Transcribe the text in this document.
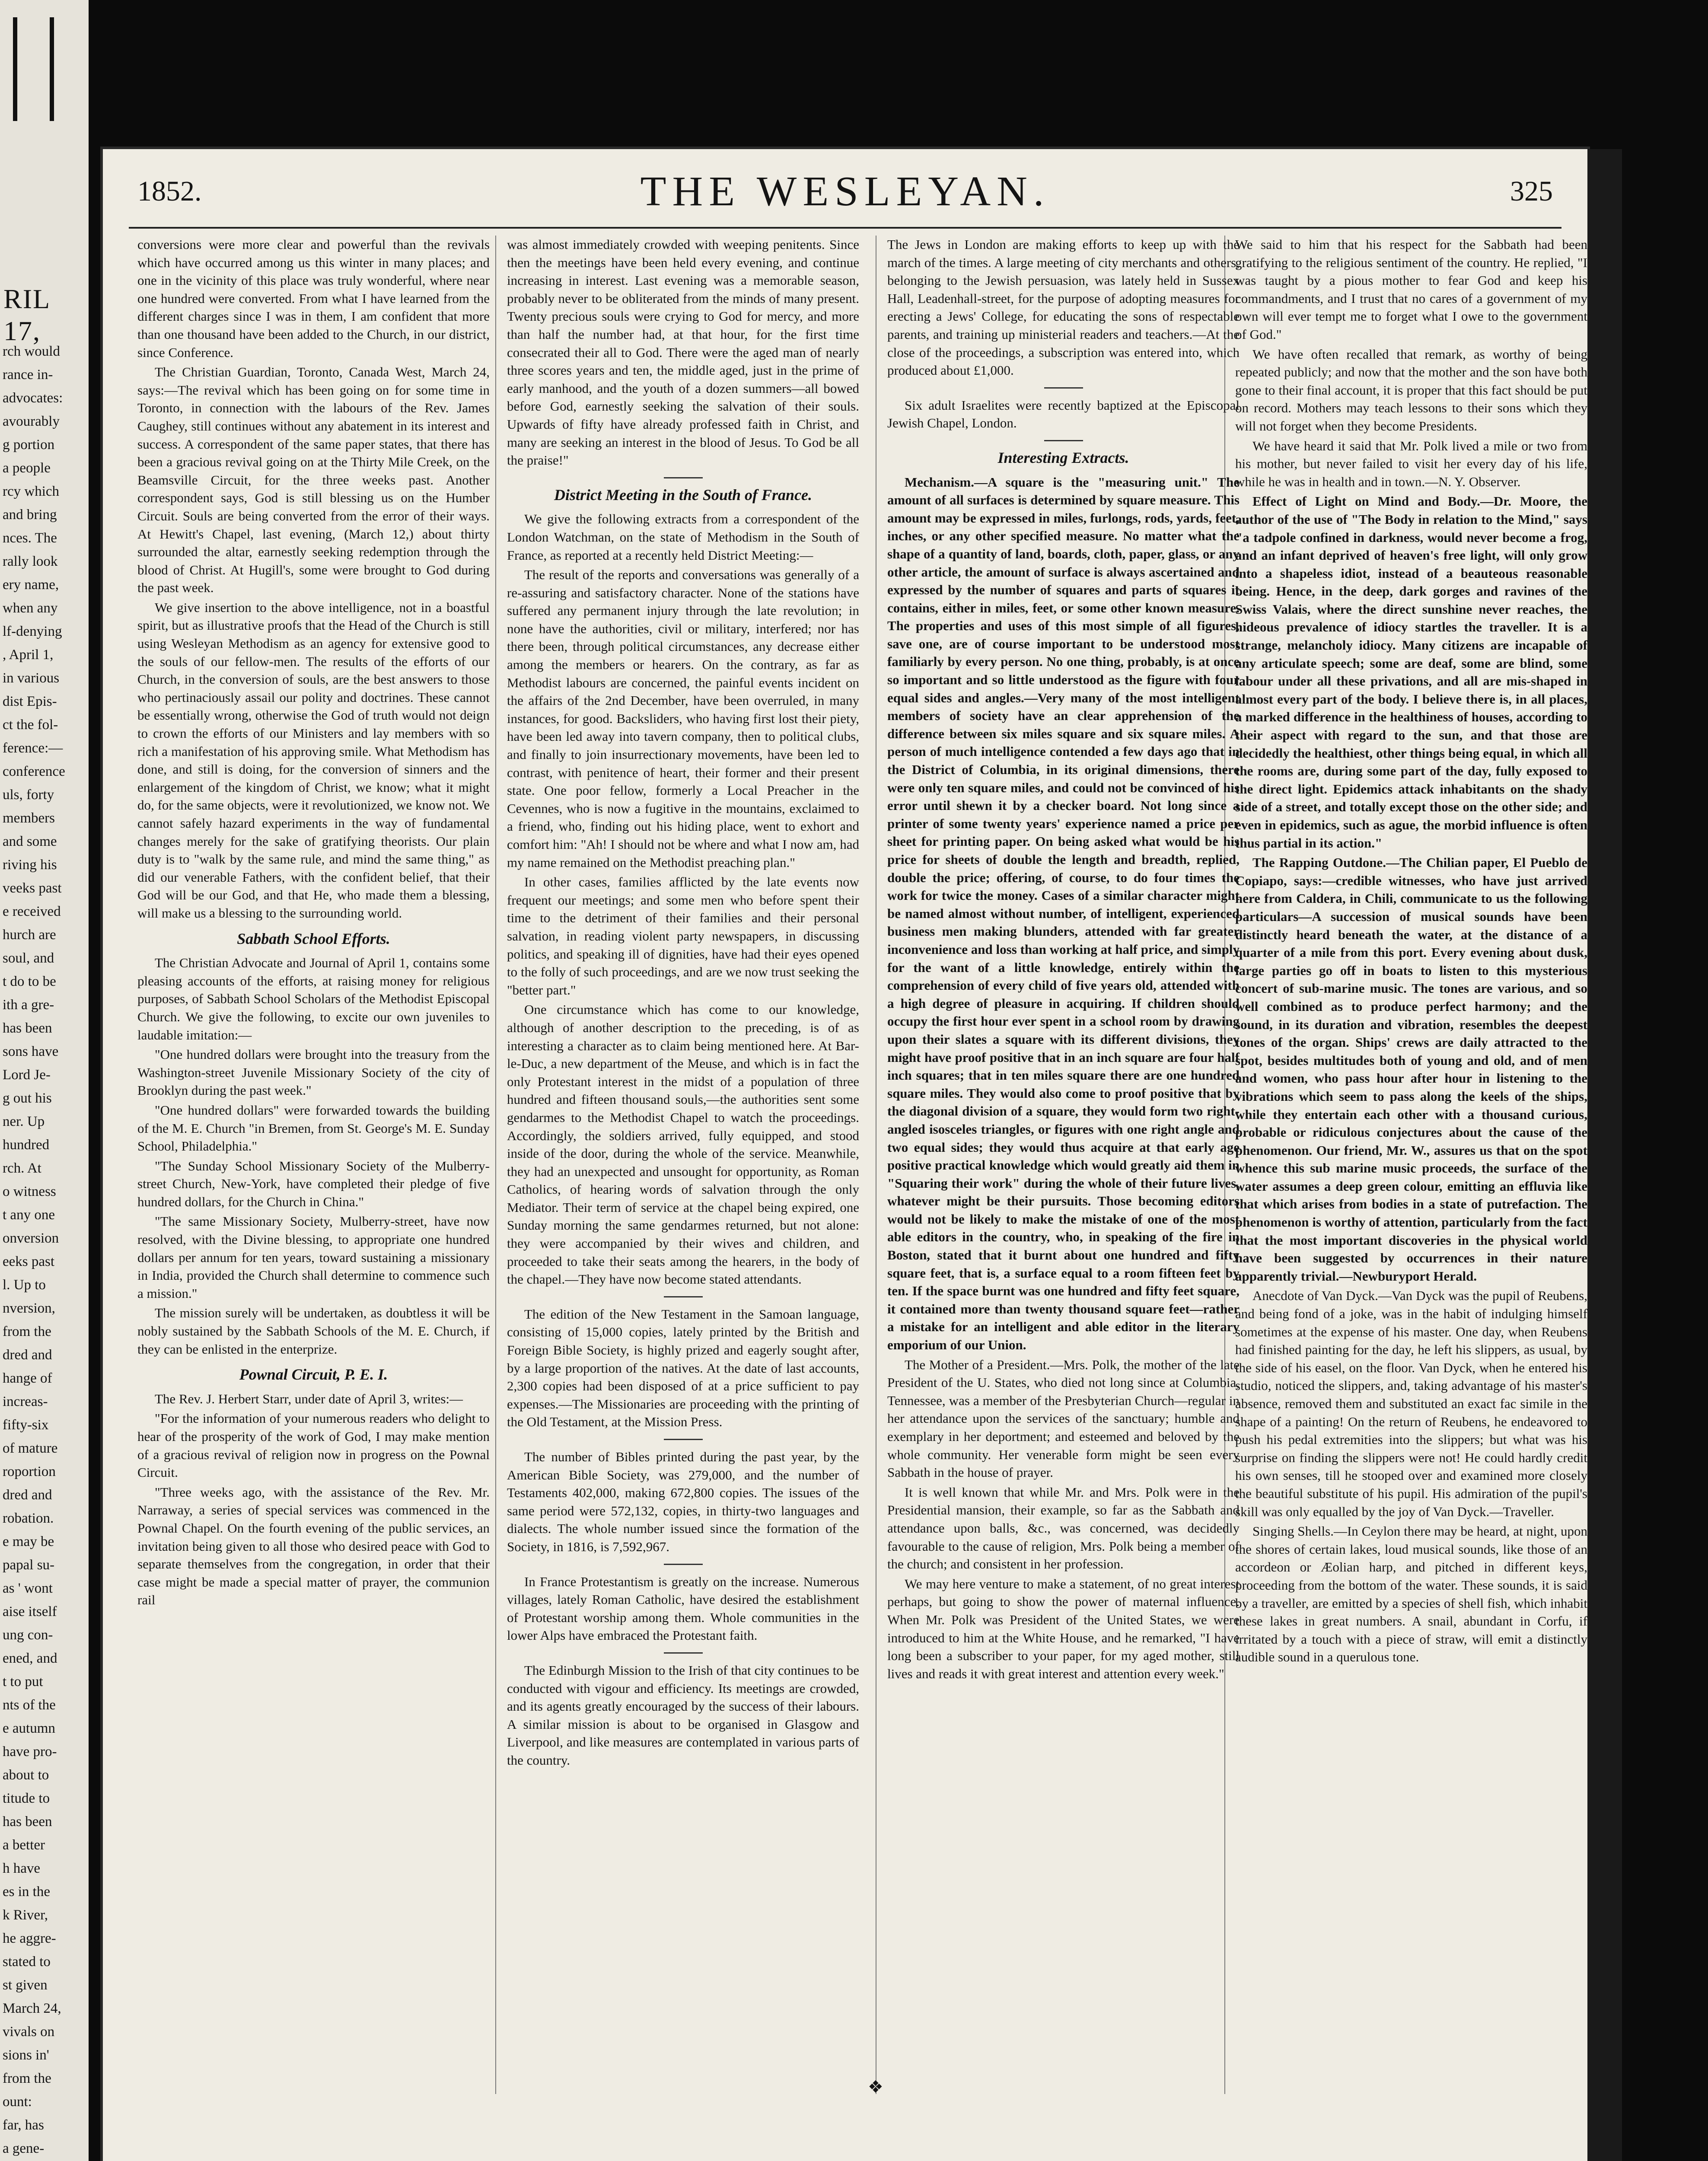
RIL 17,
rch would
rance in-
advocates:
avourably
g portion
a people
rcy which
and bring
nces. The
rally look
ery name,
when any
lf-denying
, April 1,
in various
dist Epis-
ct the fol-
ference:—
conference
uls, forty
members
and some
riving his
veeks past
e received
hurch are
soul, and
t do to be
ith a gre-
has been
sons have
Lord Je-
g out his
ner. Up
hundred
rch. At
o witness
t any one
onversion
eeks past
l. Up to
nversion,
from the
dred and
hange of
increas-
fifty-six
of mature
roportion
dred and
robation.
e may be
papal su-
as ' wont
aise itself
ung con-
ened, and
t to put
nts of the
e autumn
have pro-
about to
titude to
has been
a better
h have
es in the
k River,
he aggre-
stated to
st given
March 24,
vivals on
sions in'
from the
ount:
far, has
a gene-
1852.	THE WESLEYAN.	325

conversions were more clear and powerful than the revivals which have occurred among us this winter in many places; and one in the vicinity of this place was truly wonderful, where near one hundred were converted. From what I have learned from the different charges since I was in them, I am confident that more than one thousand have been added to the Church, in our district, since Conference.

The Christian Guardian, Toronto, Canada West, March 24, says:—The revival which has been going on for some time in Toronto, in connection with the labours of the Rev. James Caughey, still continues without any abatement in its interest and success. A correspondent of the same paper states, that there has been a gracious revival going on at the Thirty Mile Creek, on the Beamsville Circuit, for the three weeks past. Another correspondent says, God is still blessing us on the Humber Circuit. Souls are being converted from the error of their ways. At Hewitt's Chapel, last evening, (March 12,) about thirty surrounded the altar, earnestly seeking redemption through the blood of Christ. At Hugill's, some were brought to God during the past week.

We give insertion to the above intelligence, not in a boastful spirit, but as illustrative proofs that the Head of the Church is still using Wesleyan Methodism as an agency for extensive good to the souls of our fellow-men. The results of the efforts of our Church, in the conversion of souls, are the best answers to those who pertinaciously assail our polity and doctrines. These cannot be essentially wrong, otherwise the God of truth would not deign to crown the efforts of our Ministers and lay members with so rich a manifestation of his approving smile. What Methodism has done, and still is doing, for the conversion of sinners and the enlargement of the kingdom of Christ, we know; what it might do, for the same objects, were it revolutionized, we know not. We cannot safely hazard experiments in the way of fundamental changes merely for the sake of gratifying theorists. Our plain duty is to "walk by the same rule, and mind the same thing," as did our venerable Fathers, with the confident belief, that their God will be our God, and that He, who made them a blessing, will make us a blessing to the surrounding world.

Sabbath School Efforts.

The Christian Advocate and Journal of April 1, contains some pleasing accounts of the efforts, at raising money for religious purposes, of Sabbath School Scholars of the Methodist Episcopal Church. We give the following, to excite our own juveniles to laudable imitation:—

"One hundred dollars were brought into the treasury from the Washington-street Juvenile Missionary Society of the city of Brooklyn during the past week."

"One hundred dollars" were forwarded towards the building of the M. E. Church "in Bremen, from St. George's M. E. Sunday School, Philadelphia."

"The Sunday School Missionary Society of the Mulberry-street Church, New-York, have completed their pledge of five hundred dollars, for the Church in China."

"The same Missionary Society, Mulberry-street, have now resolved, with the Divine blessing, to appropriate one hundred dollars per annum for ten years, toward sustaining a missionary in India, provided the Church shall determine to commence such a mission."

The mission surely will be undertaken, as doubtless it will be nobly sustained by the Sabbath Schools of the M. E. Church, if they can be enlisted in the enterprize.

Pownal Circuit, P. E. I.

The Rev. J. Herbert Starr, under date of April 3, writes:—

"For the information of your numerous readers who delight to hear of the prosperity of the work of God, I may make mention of a gracious revival of religion now in progress on the Pownal Circuit.

"Three weeks ago, with the assistance of the Rev. Mr. Narraway, a series of special services was commenced in the Pownal Chapel. On the fourth evening of the public services, an invitation being given to all those who desired peace with God to separate themselves from the congregation, in order that their case might be made a special matter of prayer, the communion rail

was almost immediately crowded with weeping penitents. Since then the meetings have been held every evening, and continue increasing in interest. Last evening was a memorable season, probably never to be obliterated from the minds of many present. Twenty precious souls were crying to God for mercy, and more than half the number had, at that hour, for the first time consecrated their all to God. There were the aged man of nearly three scores years and ten, the middle aged, just in the prime of early manhood, and the youth of a dozen summers—all bowed before God, earnestly seeking the salvation of their souls. Upwards of fifty have already professed faith in Christ, and many are seeking an interest in the blood of Jesus. To God be all the praise!"

District Meeting in the South of France.

We give the following extracts from a correspondent of the London Watchman, on the state of Methodism in the South of France, as reported at a recently held District Meeting:—

The result of the reports and conversations was generally of a re-assuring and satisfactory character. None of the stations have suffered any permanent injury through the late revolution; in none have the authorities, civil or military, interfered; nor has there been, through political circumstances, any decrease either among the members or hearers. On the contrary, as far as Methodist labours are concerned, the painful events incident on the affairs of the 2nd December, have been overruled, in many instances, for good. Backsliders, who having first lost their piety, have been led away into tavern company, then to political clubs, and finally to join insurrectionary movements, have been led to contrast, with penitence of heart, their former and their present state. One poor fellow, formerly a Local Preacher in the Cevennes, who is now a fugitive in the mountains, exclaimed to a friend, who, finding out his hiding place, went to exhort and comfort him: "Ah! I should not be where and what I now am, had my name remained on the Methodist preaching plan."

In other cases, families afflicted by the late events now frequent our meetings; and some men who before spent their time to the detriment of their families and their personal salvation, in reading violent party newspapers, in discussing politics, and speaking ill of dignities, have had their eyes opened to the folly of such proceedings, and are we now trust seeking the "better part."

One circumstance which has come to our knowledge, although of another description to the preceding, is of as interesting a character as to claim being mentioned here. At Bar-le-Duc, a new department of the Meuse, and which is in fact the only Protestant interest in the midst of a population of three hundred and fifteen thousand souls,—the authorities sent some gendarmes to the Methodist Chapel to watch the proceedings. Accordingly, the soldiers arrived, fully equipped, and stood inside of the door, during the whole of the service. Meanwhile, they had an unexpected and unsought for opportunity, as Roman Catholics, of hearing words of salvation through the only Mediator. Their term of service at the chapel being expired, one Sunday morning the same gendarmes returned, but not alone: they were accompanied by their wives and children, and proceeded to take their seats among the hearers, in the body of the chapel.—They have now become stated attendants.

The edition of the New Testament in the Samoan language, consisting of 15,000 copies, lately printed by the British and Foreign Bible Society, is highly prized and eagerly sought after, by a large proportion of the natives. At the date of last accounts, 2,300 copies had been disposed of at a price sufficient to pay expenses.—The Missionaries are proceeding with the printing of the Old Testament, at the Mission Press.

The number of Bibles printed during the past year, by the American Bible Society, was 279,000, and the number of Testaments 402,000, making 672,800 copies. The issues of the same period were 572,132, copies, in thirty-two languages and dialects. The whole number issued since the formation of the Society, in 1816, is 7,592,967.

In France Protestantism is greatly on the increase. Numerous villages, lately Roman Catholic, have desired the establishment of Protestant worship among them. Whole communities in the lower Alps have embraced the Protestant faith.

The Edinburgh Mission to the Irish of that city continues to be conducted with vigour and efficiency. Its meetings are crowded, and its agents greatly encouraged by the success of their labours. A similar mission is about to be organised in Glasgow and Liverpool, and like measures are contemplated in various parts of the country.

The Jews in London are making efforts to keep up with the march of the times. A large meeting of city merchants and others, belonging to the Jewish persuasion, was lately held in Sussex Hall, Leadenhall-street, for the purpose of adopting measures for erecting a Jews' College, for educating the sons of respectable parents, and training up ministerial readers and teachers.—At the close of the proceedings, a subscription was entered into, which produced about £1,000.

Six adult Israelites were recently baptized at the Episcopal Jewish Chapel, London.

Interesting Extracts.

Mechanism.—A square is the "measuring unit." The amount of all surfaces is determined by square measure. This amount may be expressed in miles, furlongs, rods, yards, feet, inches, or any other specified measure. No matter what the shape of a quantity of land, boards, cloth, paper, glass, or any other article, the amount of surface is always ascertained and expressed by the number of squares and parts of squares it contains, either in miles, feet, or some other known measure. The properties and uses of this most simple of all figures, save one, are of course important to be understood most familiarly by every person. No one thing, probably, is at once so important and so little understood as the figure with four equal sides and angles.—Very many of the most intelligent members of society have an clear apprehension of the difference between six miles square and six square miles. A person of much intelligence contended a few days ago that in the District of Columbia, in its original dimensions, there were only ten square miles, and could not be convinced of his error until shewn it by a checker board. Not long since a printer of some twenty years' experience named a price per sheet for printing paper. On being asked what would be his price for sheets of double the length and breadth, replied, double the price; offering, of course, to do four times the work for twice the money. Cases of a similar character might be named almost without number, of intelligent, experienced business men making blunders, attended with far greater inconvenience and loss than working at half price, and simply for the want of a little knowledge, entirely within the comprehension of every child of five years old, attended with a high degree of pleasure in acquiring. If children should occupy the first hour ever spent in a school room by drawing upon their slates a square with its different divisions, they might have proof positive that in an inch square are four half inch squares; that in ten miles square there are one hundred square miles. They would also come to proof positive that by the diagonal division of a square, they would form two right-angled isosceles triangles, or figures with one right angle and two equal sides; they would thus acquire at that early age positive practical knowledge which would greatly aid them in "Squaring their work" during the whole of their future lives, whatever might be their pursuits. Those becoming editors would not be likely to make the mistake of one of the most able editors in the country, who, in speaking of the fire in Boston, stated that it burnt about one hundred and fifty square feet, that is, a surface equal to a room fifteen feet by ten. If the space burnt was one hundred and fifty feet square, it contained more than twenty thousand square feet—rather a mistake for an intelligent and able editor in the literary emporium of our Union.

The Mother of a President.—Mrs. Polk, the mother of the late President of the U. States, who died not long since at Columbia, Tennessee, was a member of the Presbyterian Church—regular in her attendance upon the services of the sanctuary; humble and exemplary in her deportment; and esteemed and beloved by the whole community. Her venerable form might be seen every Sabbath in the house of prayer.

It is well known that while Mr. and Mrs. Polk were in the Presidential mansion, their example, so far as the Sabbath and attendance upon balls, &c., was concerned, was decidedly favourable to the cause of religion, Mrs. Polk being a member of the church; and consistent in her profession.

We may here venture to make a statement, of no great interest perhaps, but going to show the power of maternal influence. When Mr. Polk was President of the United States, we were introduced to him at the White House, and he remarked, "I have long been a subscriber to your paper, for my aged mother, still lives and reads it with great interest and attention every week."

We said to him that his respect for the Sabbath had been gratifying to the religious sentiment of the country. He replied, "I was taught by a pious mother to fear God and keep his commandments, and I trust that no cares of a government of my own will ever tempt me to forget what I owe to the government of God."

We have often recalled that remark, as worthy of being repeated publicly; and now that the mother and the son have both gone to their final account, it is proper that this fact should be put on record. Mothers may teach lessons to their sons which they will not forget when they become Presidents.

We have heard it said that Mr. Polk lived a mile or two from his mother, but never failed to visit her every day of his life, while he was in health and in town.—N. Y. Observer.

Effect of Light on Mind and Body.—Dr. Moore, the author of the use of "The Body in relation to the Mind," says "a tadpole confined in darkness, would never become a frog, and an infant deprived of heaven's free light, will only grow into a shapeless idiot, instead of a beauteous reasonable being. Hence, in the deep, dark gorges and ravines of the Swiss Valais, where the direct sunshine never reaches, the hideous prevalence of idiocy startles the traveller. It is a strange, melancholy idiocy. Many citizens are incapable of any articulate speech; some are deaf, some are blind, some labour under all these privations, and all are mis-shaped in almost every part of the body. I believe there is, in all places, a marked difference in the healthiness of houses, according to their aspect with regard to the sun, and that those are decidedly the healthiest, other things being equal, in which all the rooms are, during some part of the day, fully exposed to the direct light. Epidemics attack inhabitants on the shady side of a street, and totally except those on the other side; and even in epidemics, such as ague, the morbid influence is often thus partial in its action."

The Rapping Outdone.—The Chilian paper, El Pueblo de Copiapo, says:—credible witnesses, who have just arrived here from Caldera, in Chili, communicate to us the following particulars—A succession of musical sounds have been distinctly heard beneath the water, at the distance of a quarter of a mile from this port. Every evening about dusk, large parties go off in boats to listen to this mysterious concert of sub-marine music. The tones are various, and so well combined as to produce perfect harmony; and the sound, in its duration and vibration, resembles the deepest tones of the organ. Ships' crews are daily attracted to the spot, besides multitudes both of young and old, and of men and women, who pass hour after hour in listening to the vibrations which seem to pass along the keels of the ships, while they entertain each other with a thousand curious, probable or ridiculous conjectures about the cause of the phenomenon. Our friend, Mr. W., assures us that on the spot whence this sub marine music proceeds, the surface of the water assumes a deep green colour, emitting an effluvia like that which arises from bodies in a state of putrefaction. The phenomenon is worthy of attention, particularly from the fact that the most important discoveries in the physical world have been suggested by occurrences in their nature apparently trivial.—Newburyport Herald.

Anecdote of Van Dyck.—Van Dyck was the pupil of Reubens, and being fond of a joke, was in the habit of indulging himself sometimes at the expense of his master. One day, when Reubens had finished painting for the day, he left his slippers, as usual, by the side of his easel, on the floor. Van Dyck, when he entered his studio, noticed the slippers, and, taking advantage of his master's absence, removed them and substituted an exact fac simile in the shape of a painting! On the return of Reubens, he endeavored to push his pedal extremities into the slippers; but what was his surprise on finding the slippers were not! He could hardly credit his own senses, till he stooped over and examined more closely the beautiful substitute of his pupil. His admiration of the pupil's skill was only equalled by the joy of Van Dyck.—Traveller.

Singing Shells.—In Ceylon there may be heard, at night, upon the shores of certain lakes, loud musical sounds, like those of an accordeon or Æolian harp, and pitched in different keys, proceeding from the bottom of the water. These sounds, it is said by a traveller, are emitted by a species of shell fish, which inhabit these lakes in great numbers. A snail, abundant in Corfu, if irritated by a touch with a piece of straw, will emit a distinctly audible sound in a querulous tone.

❖
